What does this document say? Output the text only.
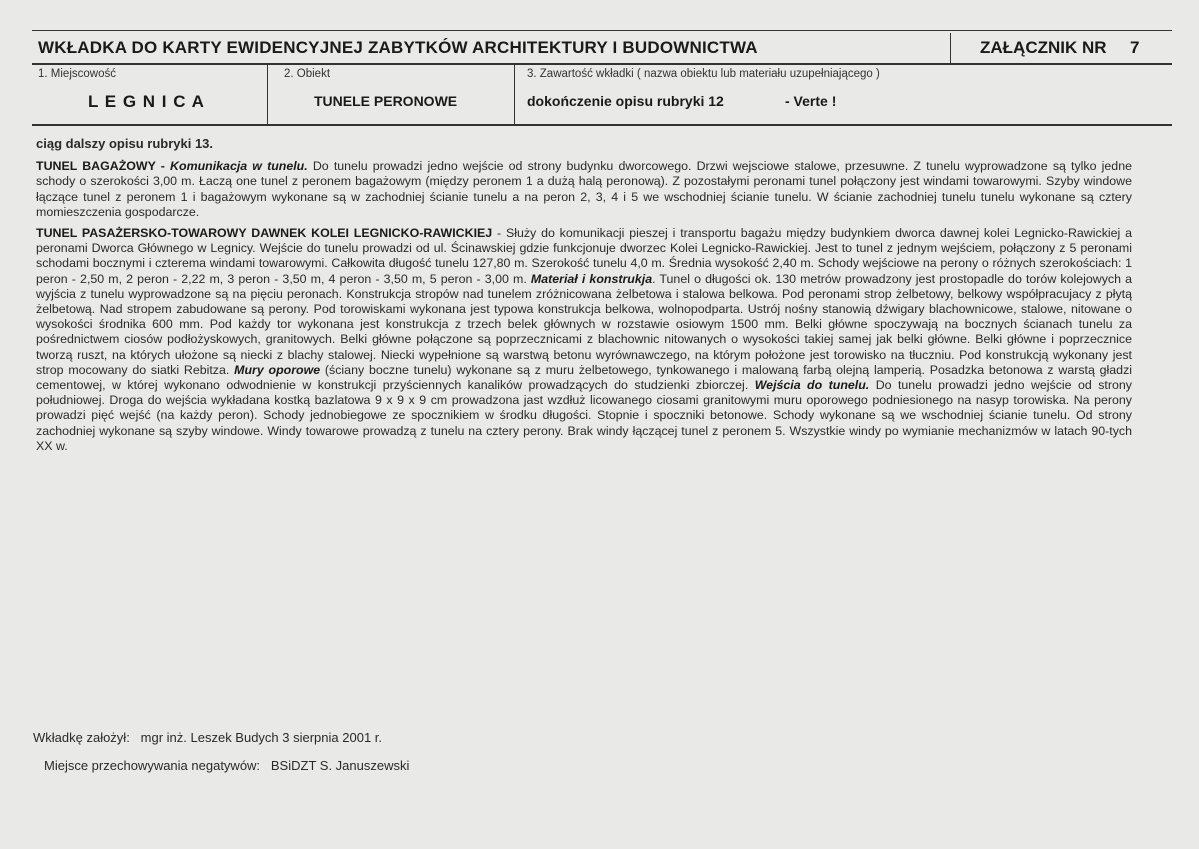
WKŁADKA DO KARTY EWIDENCYJNEJ ZABYTKÓW ARCHITEKTURY I BUDOWNICTWA	ZAŁĄCZNIK NR 7
1. Miejscowość
L E G N I C A
2. Obiekt
TUNELE PERONOWE
3. Zawartość wkładki ( nazwa obiektu lub materiału uzupełniającego )
dokończenie opisu rubryki 12	- Verte !

ciąg dalszy opisu rubryki 13.

TUNEL BAGAŻOWY - Komunikacja w tunelu. Do tunelu prowadzi jedno wejście od strony budynku dworcowego. Drzwi wejsciowe stalowe, przesuwne. Z tunelu wyprowadzone są tylko jedne schody o szerokości 3,00 m. Łaczą one tunel z peronem bagażowym (między peronem 1 a dużą halą peronową). Z pozostałymi peronami tunel połączony jest windami towarowymi. Szyby windowe łączące tunel z peronem 1 i bagażowym wykonane są w zachodniej ścianie tunelu a na peron 2, 3, 4 i 5 we wschodniej ścianie tunelu. W ścianie zachodniej tunelu tunelu wykonane są cztery momieszczenia gospodarcze.

TUNEL PASAŻERSKO-TOWAROWY DAWNEK KOLEI LEGNICKO-RAWICKIEJ - Służy do komunikacji pieszej i transportu bagażu między budynkiem dworca dawnej kolei Legnicko-Rawickiej a peronami Dworca Głównego w Legnicy. Wejście do tunelu prowadzi od ul. Ścinawskiej gdzie funkcjonuje dworzec Kolei Legnicko-Rawickiej. Jest to tunel z jednym wejściem, połączony z 5 peronami schodami bocznymi i czterema windami towarowymi. Całkowita długość tunelu 127,80 m. Szerokość tunelu 4,0 m. Średnia wysokość 2,40 m. Schody wejściowe na perony o różnych szerokościach: 1 peron - 2,50 m, 2 peron - 2,22 m, 3 peron - 3,50 m, 4 peron - 3,50 m, 5 peron - 3,00 m. Materiał i konstrukja. Tunel o długości ok. 130 metrów prowadzony jest prostopadle do torów kolejowych a wyjścia z tunelu wyprowadzone są na pięciu peronach. Konstrukcja stropów nad tunelem zróżnicowana żelbetowa i stalowa belkowa. Pod peronami strop żelbetowy, belkowy współpracujacy z płytą żelbetową. Nad stropem zabudowane są perony. Pod torowiskami wykonana jest typowa konstrukcja belkowa, wolnopodparta. Ustrój nośny stanowią dźwigary blachownicowe, stalowe, nitowane o wysokości środnika 600 mm. Pod każdy tor wykonana jest konstrukcja z trzech belek głównych w rozstawie osiowym 1500 mm. Belki główne spoczywają na bocznych ścianach tunelu za pośrednictwem ciosów podłożyskowych, granitowych. Belki główne połączone są poprzecznicami z blachownic nitowanych o wysokości takiej samej jak belki główne. Belki główne i poprzecznice tworzą ruszt, na których ułożone są niecki z blachy stalowej. Niecki wypełnione są warstwą betonu wyrównawczego, na którym położone jest torowisko na tłuczniu. Pod konstrukcją wykonany jest strop mocowany do siatki Rebitza. Mury oporowe (ściany boczne tunelu) wykonane są z muru żelbetowego, tynkowanego i malowaną farbą olejną lamperią. Posadzka betonowa z warstą gładzi cementowej, w której wykonano odwodnienie w konstrukcji przyściennych kanalików prowadzących do studzienki zbiorczej. Wejścia do tunelu. Do tunelu prowadzi jedno wejście od strony południowej. Droga do wejścia wykładana kostką bazlatowa 9 x 9 x 9 cm prowadzona jast wzdłuż licowanego ciosami granitowymi muru oporowego podniesionego na nasyp torowiska. Na perony prowadzi pięć wejść (na każdy peron). Schody jednobiegowe ze spocznikiem w środku długości. Stopnie i spoczniki betonowe. Schody wykonane są we wschodniej ścianie tunelu. Od strony zachodniej wykonane są szyby windowe. Windy towarowe prowadzą z tunelu na cztery perony. Brak windy łączącej tunel z peronem 5. Wszystkie windy po wymianie mechanizmów w latach 90-tych XX w.

Wkładkę założył: mgr inż. Leszek Budych 3 sierpnia 2001 r.
Miejsce przechowywania negatywów: BSiDZT S. Januszewski
